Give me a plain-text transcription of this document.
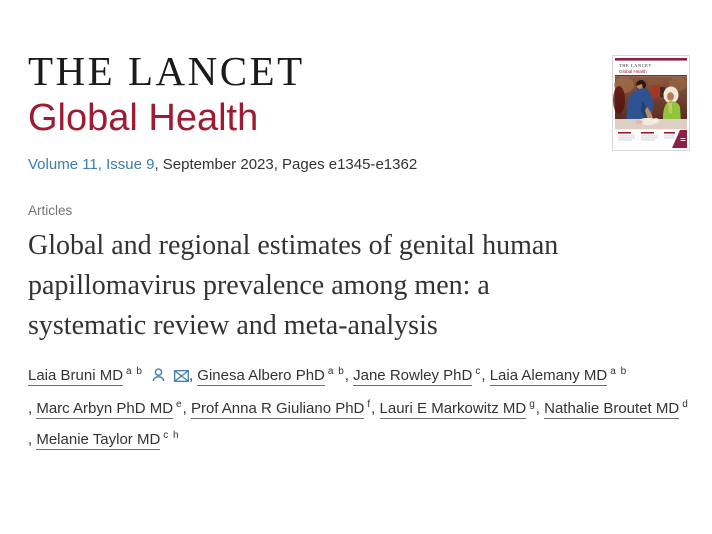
THE LANCET
Global Health
Volume 11, Issue 9, September 2023, Pages e1345-e1362
THE LANCET
Global Health
Articles
Global and regional estimates of genital human papillomavirus prevalence among men: a systematic review and meta-analysis

Laia Bruni MD $^{a b}$	, Ginesa Albero PhD $^{a b}$, Jane Rowley PhD $^c$, Laia Alemany MD $^{a b}$, Marc Arbyn PhD MD $^e$, Prof Anna R Giuliano PhD $^f$, Lauri E Markowitz MD $^g$, Nathalie Broutet MD $^d$, Melanie Taylor MD $^{c h}$
